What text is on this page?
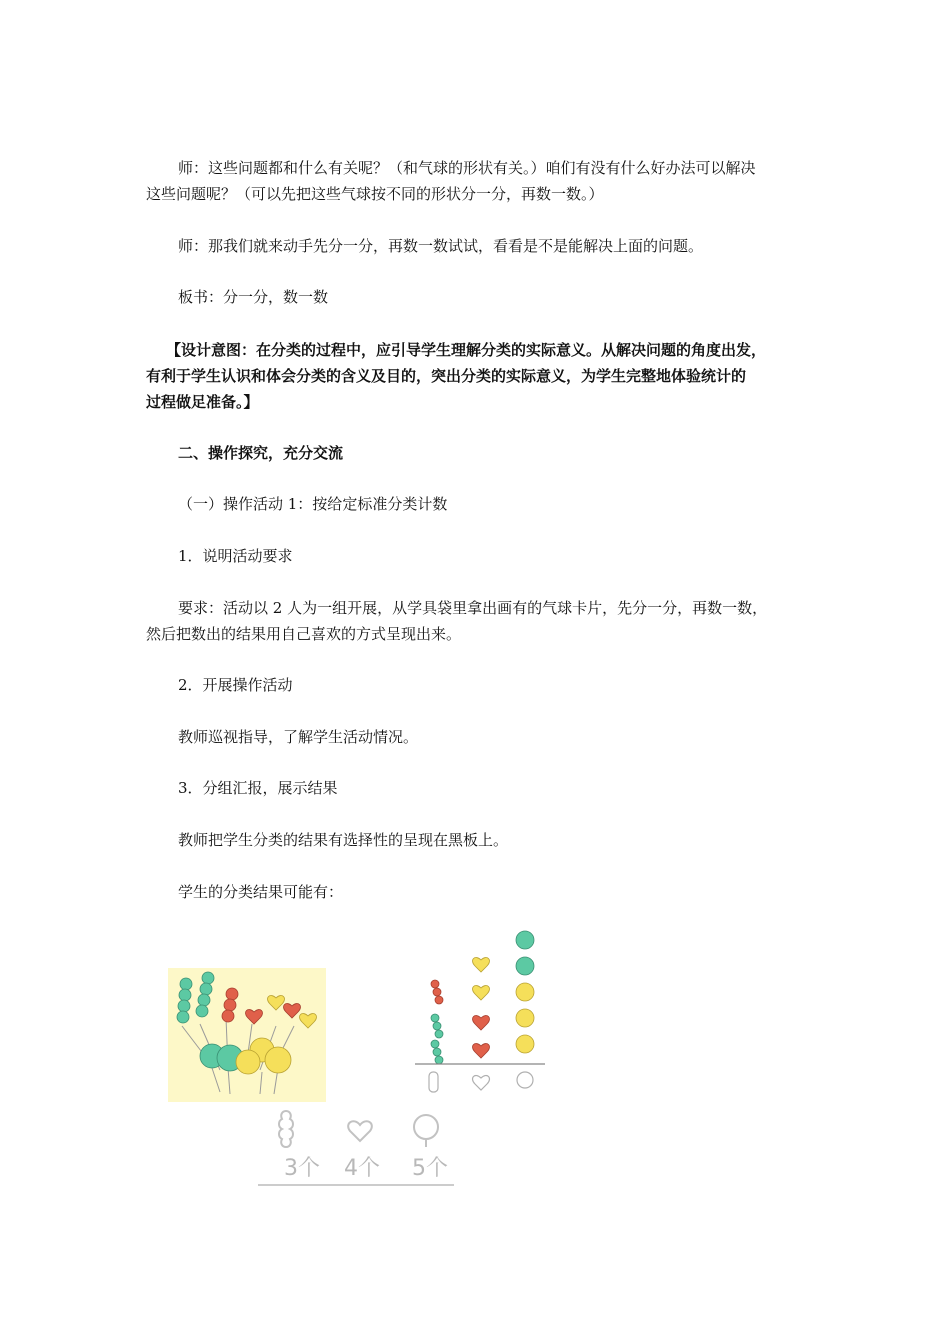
师：这些问题都和什么有关呢？（和气球的形状有关。）咱们有没有什么好办法可以解决
这些问题呢？（可以先把这些气球按不同的形状分一分，再数一数。）
师：那我们就来动手先分一分，再数一数试试，看看是不是能解决上面的问题。
板书：分一分，数一数
【设计意图：在分类的过程中，应引导学生理解分类的实际意义。从解决问题的角度出发，
有利于学生认识和体会分类的含义及目的，突出分类的实际意义，为学生完整地体验统计的
过程做足准备。】
二、操作探究，充分交流
（一）操作活动 1：按给定标准分类计数
1．说明活动要求
要求：活动以 2 人为一组开展，从学具袋里拿出画有的气球卡片，先分一分，再数一数，
然后把数出的结果用自己喜欢的方式呈现出来。
2．开展操作活动
教师巡视指导，了解学生活动情况。
3．分组汇报，展示结果
教师把学生分类的结果有选择性的呈现在黑板上。
学生的分类结果可能有：
3个 4个 5个
